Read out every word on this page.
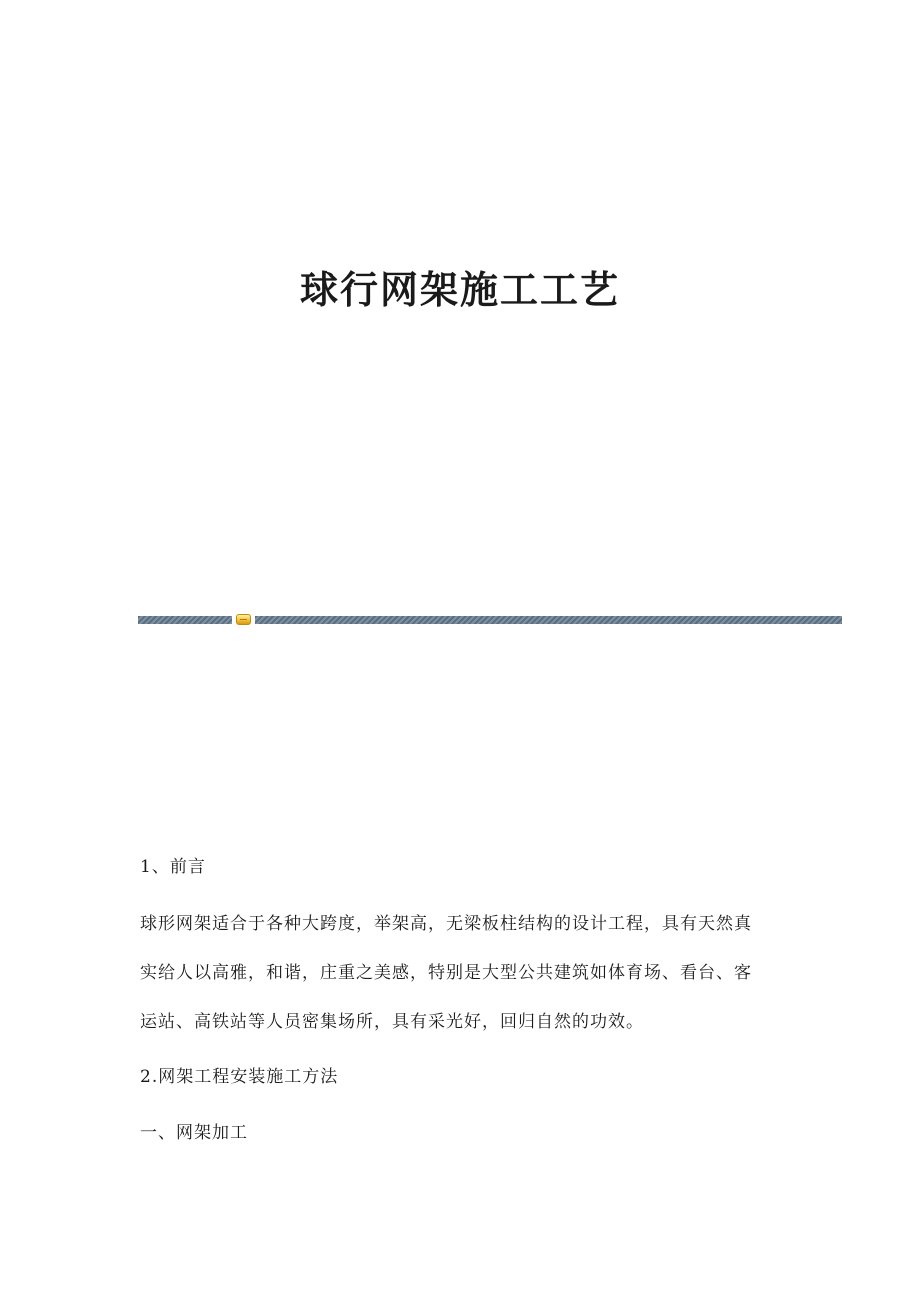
球行网架施工工艺

1、前言

球形网架适合于各种大跨度，举架高，无梁板柱结构的设计工程，具有天然真

实给人以高雅，和谐，庄重之美感，特别是大型公共建筑如体育场、看台、客

运站、高铁站等人员密集场所，具有采光好，回归自然的功效。

2.网架工程安装施工方法

一、网架加工
